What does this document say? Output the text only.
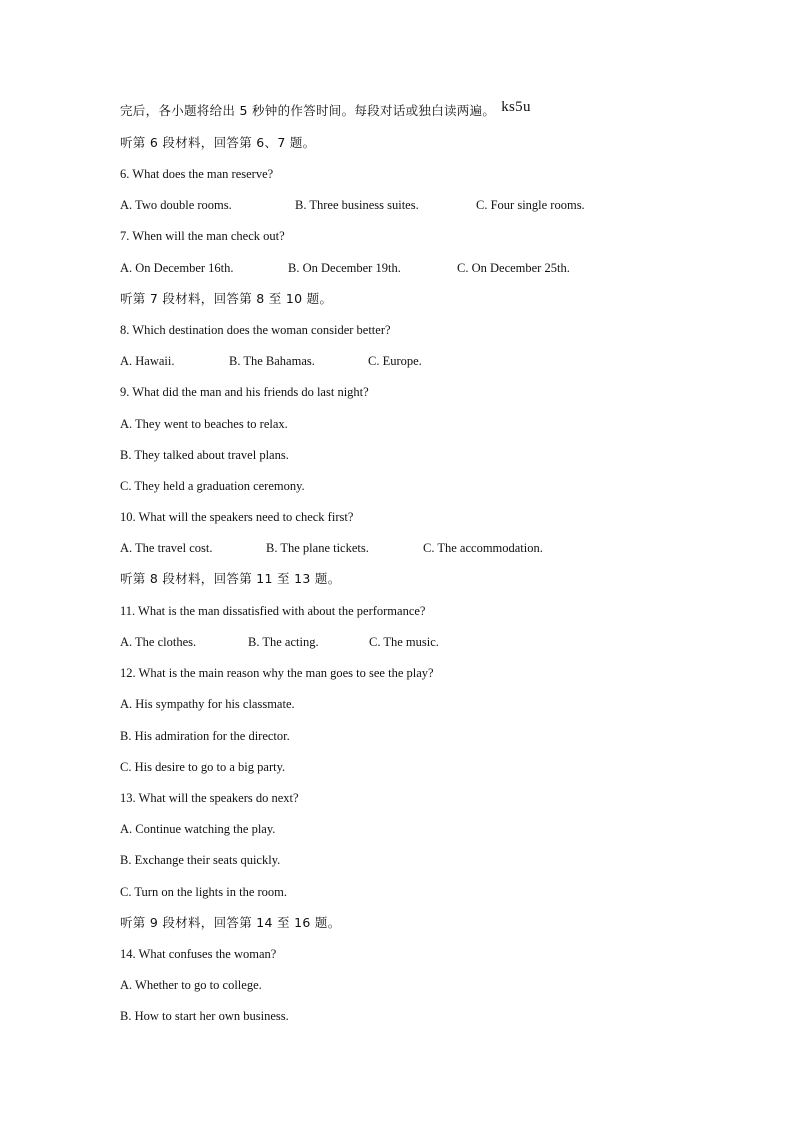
完后，各小题将给出 5 秒钟的作答时间。每段对话或独白读两遍。 ks5u
听第 6 段材料，回答第 6、7 题。
6. What does the man reserve?
A. Two double rooms.	B. Three business suites.	C. Four single rooms.
7. When will the man check out?
A. On December 16th.	B. On December 19th.	C. On December 25th.
听第 7 段材料，回答第 8 至 10 题。
8. Which destination does the woman consider better?
A. Hawaii.	B. The Bahamas.	C. Europe.
9. What did the man and his friends do last night?
A. They went to beaches to relax.
B. They talked about travel plans.
C. They held a graduation ceremony.
10. What will the speakers need to check first?
A. The travel cost.	B. The plane tickets.	C. The accommodation.
听第 8 段材料，回答第 11 至 13 题。
11. What is the man dissatisfied with about the performance?
A. The clothes.	B. The acting.	C. The music.
12. What is the main reason why the man goes to see the play?
A. His sympathy for his classmate.
B. His admiration for the director.
C. His desire to go to a big party.
13. What will the speakers do next?
A. Continue watching the play.
B. Exchange their seats quickly.
C. Turn on the lights in the room.
听第 9 段材料，回答第 14 至 16 题。
14. What confuses the woman?
A. Whether to go to college.
B. How to start her own business.
